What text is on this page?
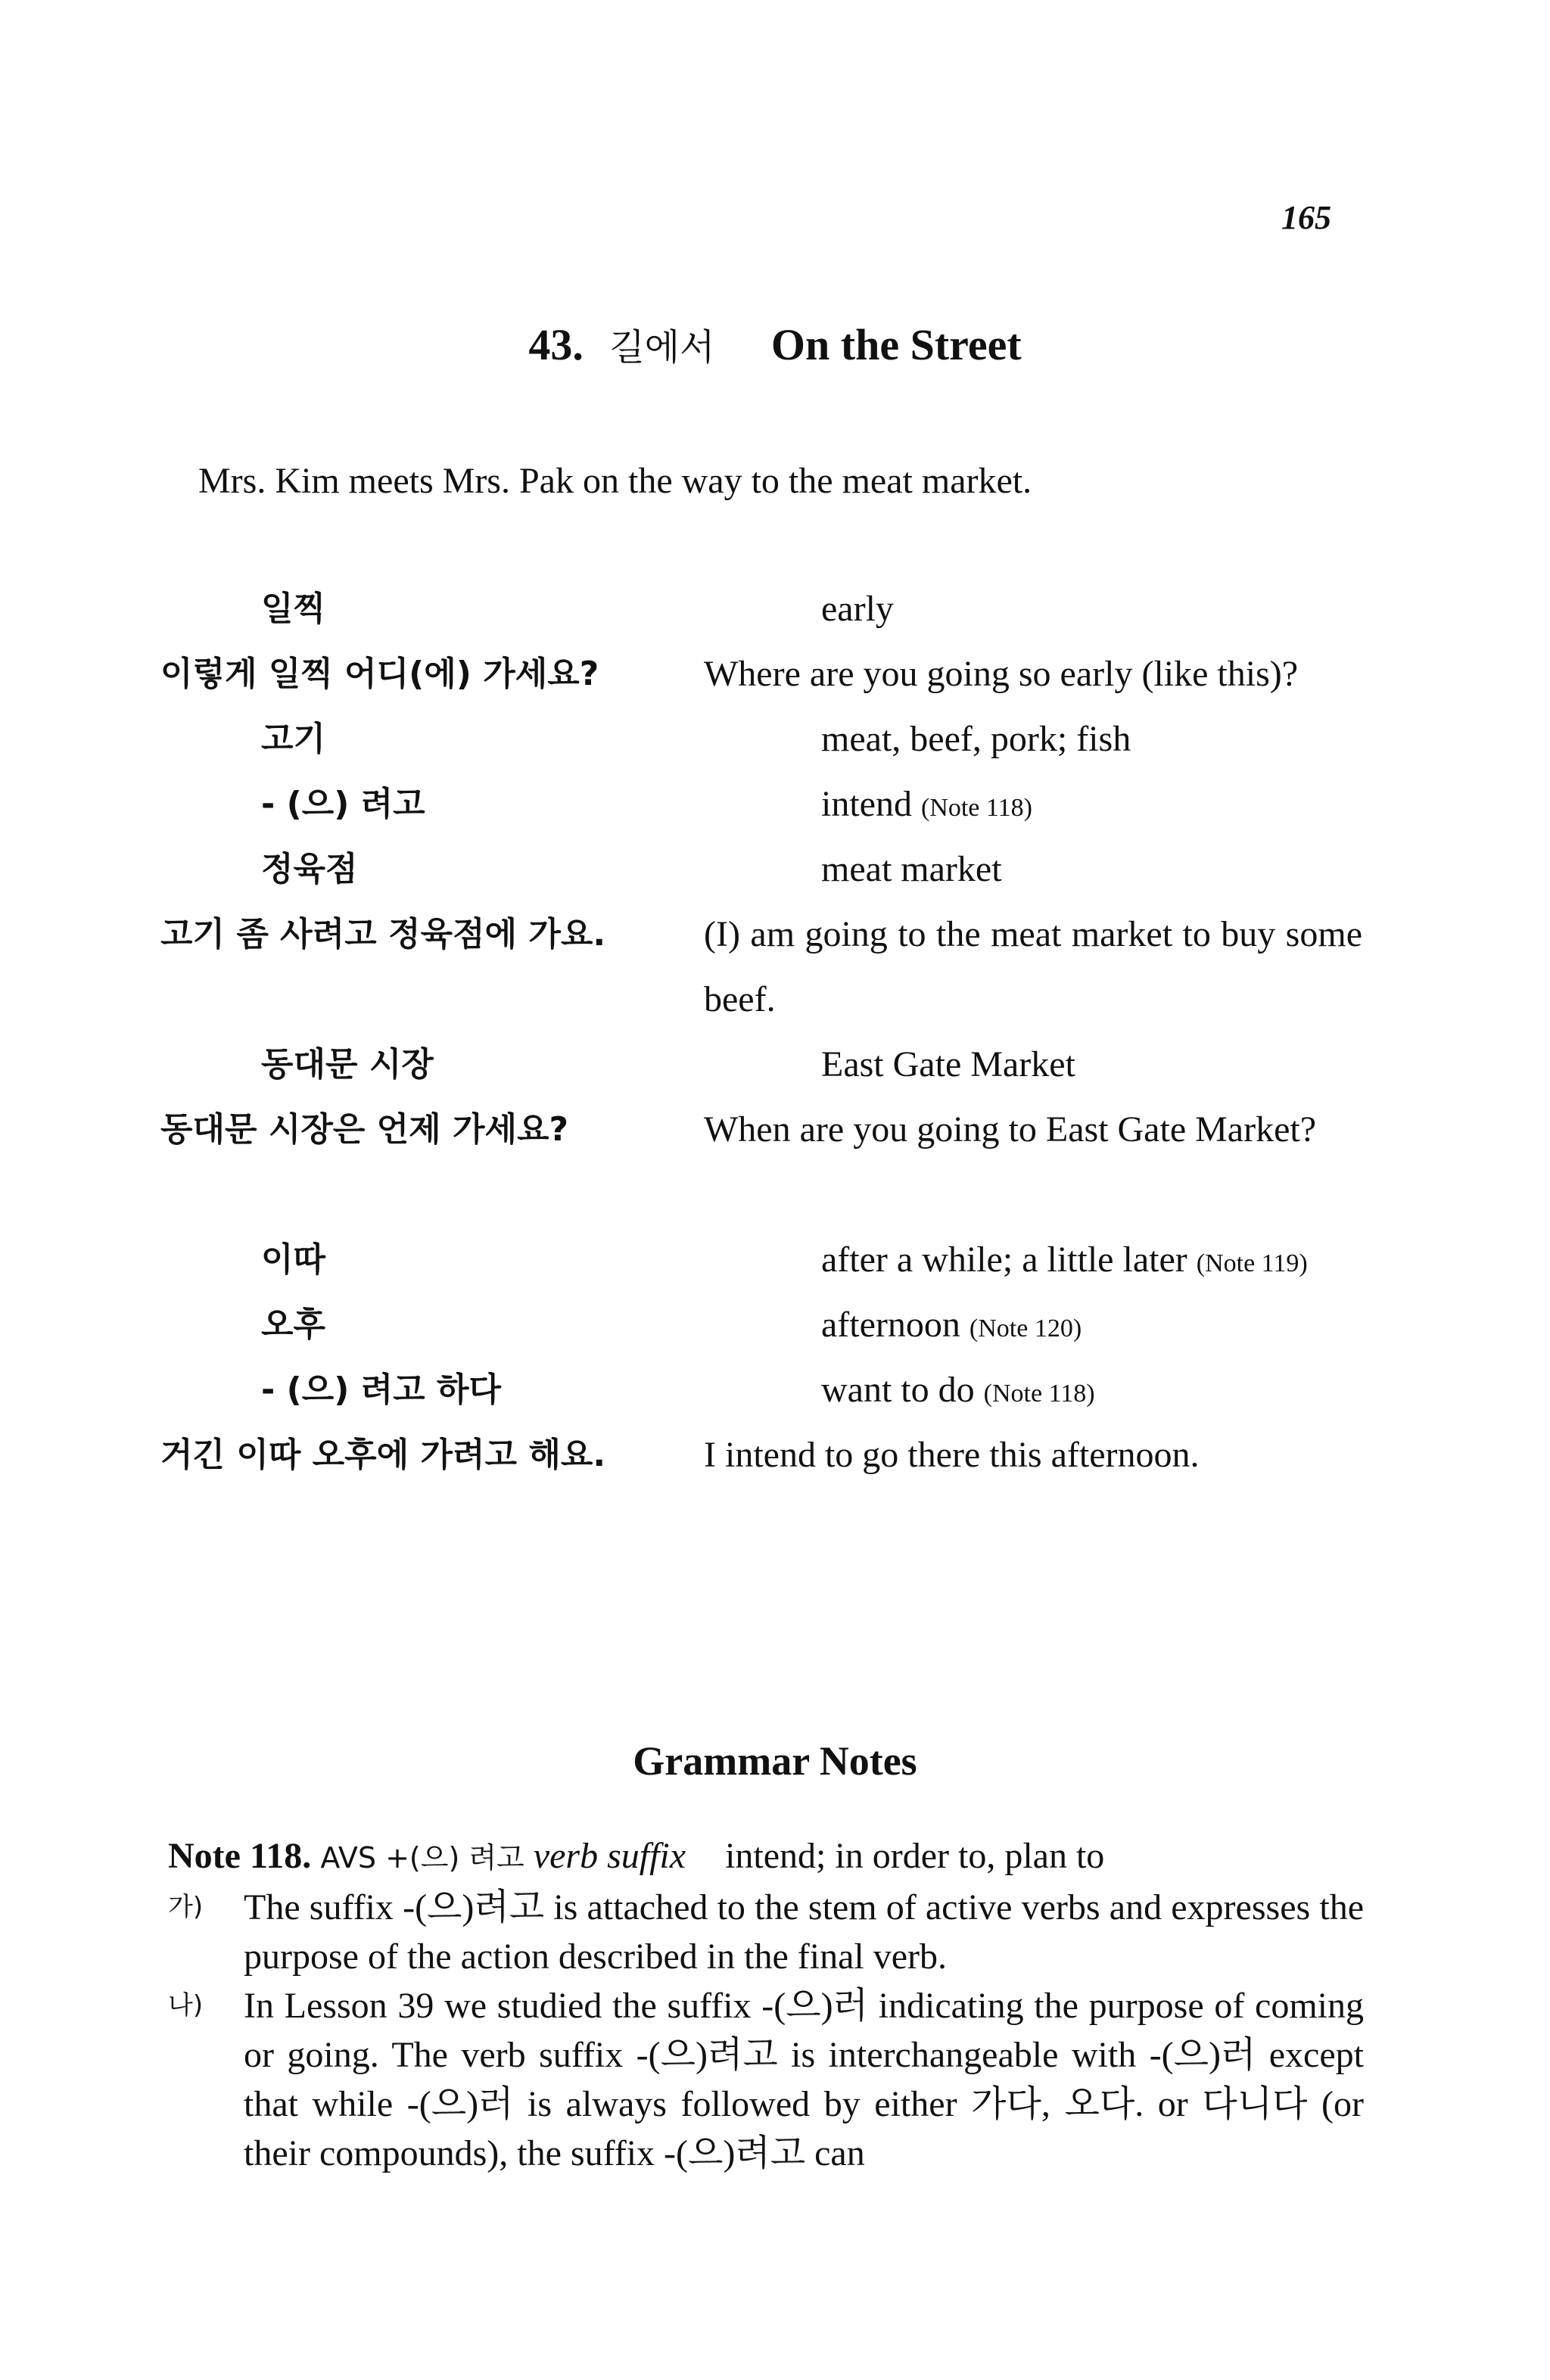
165
43. 길에서 On the Street
Mrs. Kim meets Mrs. Pak on the way to the meat market.
일찍	early
이렇게 일찍 어디(에) 가세요?	Where are you going so early (like this)?
고기	meat, beef, pork; fish
- (으) 려고	intend (Note 118)
정육점	meat market
고기 좀 사려고 정육점에 가요.	(I) am going to the meat market to buy some beef.
동대문 시장	East Gate Market
동대문 시장은 언제 가세요?	When are you going to East Gate Market?
이따	after a while; a little later (Note 119)
오후	afternoon (Note 120)
- (으) 려고 하다	want to do (Note 118)
거긴 이따 오후에 가려고 해요.	I intend to go there this afternoon.
Grammar Notes
Note 118. AVS +(으) 려고 verb suffix intend; in order to, plan to
가) The suffix -(으)려고 is attached to the stem of active verbs and expresses the purpose of the action described in the final verb.
나) In Lesson 39 we studied the suffix -(으)러 indicating the purpose of coming or going. The verb suffix -(으)려고 is interchangeable with -(으)러 except that while -(으)러 is always followed by either 가다, 오다. or 다니다 (or their compounds), the suffix -(으)려고 can
